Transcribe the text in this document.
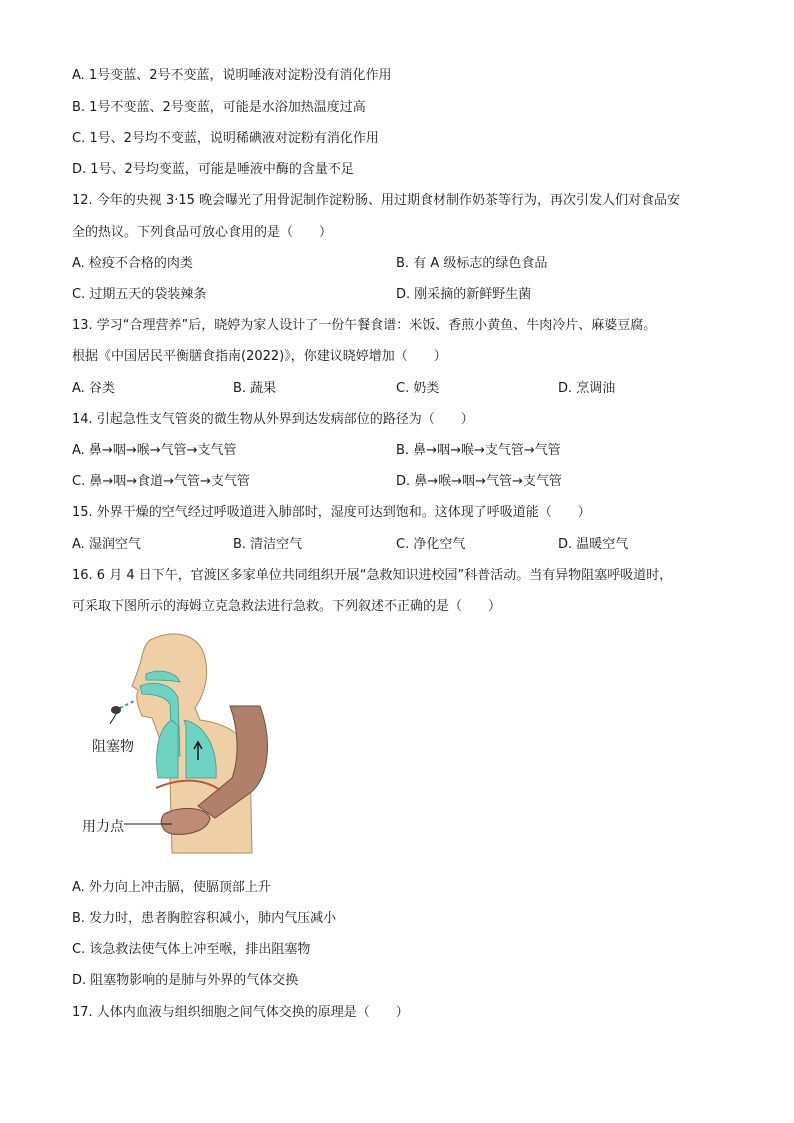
A. 1号变蓝、2号不变蓝，说明唾液对淀粉没有消化作用
B. 1号不变蓝、2号变蓝，可能是水浴加热温度过高
C. 1号、2号均不变蓝，说明稀碘液对淀粉有消化作用
D. 1号、2号均变蓝，可能是唾液中酶的含量不足
12. 今年的央视 3·15 晚会曝光了用骨泥制作淀粉肠、用过期食材制作奶茶等行为，再次引发人们对食品安
全的热议。下列食品可放心食用的是（　　）
A. 检疫不合格的肉类	B. 有 A 级标志的绿色食品
C. 过期五天的袋装辣条	D. 刚采摘的新鲜野生菌
13. 学习“合理营养”后，晓婷为家人设计了一份午餐食谱：米饭、香煎小黄鱼、牛肉冷片、麻婆豆腐。
根据《中国居民平衡膳食指南(2022)》，你建议晓婷增加（　　）
A. 谷类	B. 蔬果	C. 奶类	D. 烹调油
14. 引起急性支气管炎的微生物从外界到达发病部位的路径为（　　）
A. 鼻→咽→喉→气管→支气管	B. 鼻→咽→喉→支气管→气管
C. 鼻→咽→食道→气管→支气管	D. 鼻→喉→咽→气管→支气管
15. 外界干燥的空气经过呼吸道进入肺部时，湿度可达到饱和。这体现了呼吸道能（　　）
A. 湿润空气	B. 清洁空气	C. 净化空气	D. 温暖空气
16. 6 月 4 日下午，官渡区多家单位共同组织开展“急救知识进校园”科普活动。当有异物阻塞呼吸道时，
可采取下图所示的海姆立克急救法进行急救。下列叙述不正确的是（　　）
阻塞物
用力点
A. 外力向上冲击膈，使膈顶部上升
B. 发力时，患者胸腔容积减小，肺内气压减小
C. 该急救法使气体上冲至喉，排出阻塞物
D. 阻塞物影响的是肺与外界的气体交换
17. 人体内血液与组织细胞之间气体交换的原理是（　　）
